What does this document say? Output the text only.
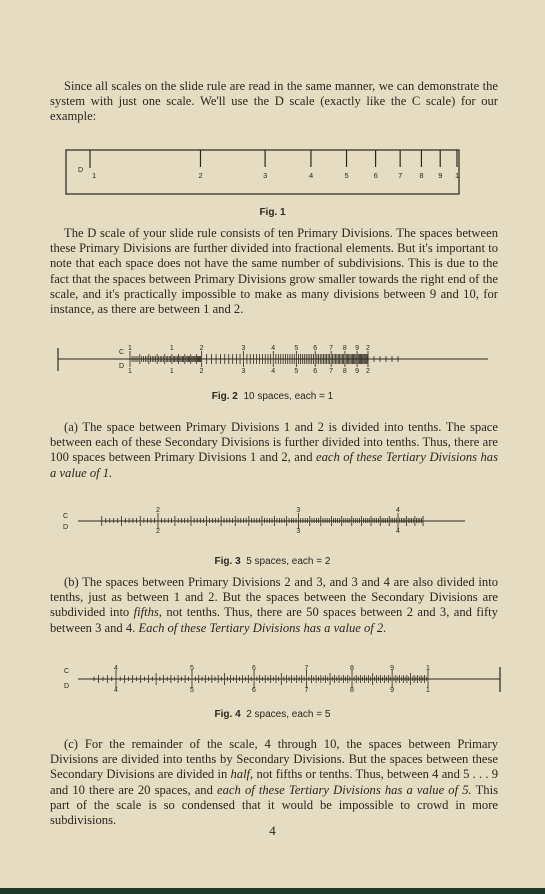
Since all scales on the slide rule are read in the same manner, we can demonstrate the system with just one scale. We'll use the D scale (exactly like the C scale) for our example:

1	2	3	4	5	6	7 8 9 1
D
Fig. 1

The D scale of your slide rule consists of ten Primary Divisions. The spaces between these Primary Divisions are further divided into fractional elements. But it's important to note that each space does not have the same number of subdivisions. This is due to the fact that the spaces between Primary Divisions grow smaller towards the right end of the scale, and it's practically impossible to make as many divisions between 9 and 10, for instance, as there are between 1 and 2.

C
D
1
1
1
1
2
2
3
3
4
4
5
5
6
6
7
7
8
8
9
9
2
2
Fig. 2 10 spaces, each = 1

(a) The space between Primary Divisions 1 and 2 is divided into tenths. The space between each of these Secondary Divisions is further divided into tenths. Thus, there are 100 spaces between Primary Divisions 1 and 2, and each of these Tertiary Divisions has a value of 1.

C
D
2
2
3
3
4
4
Fig. 3 5 spaces, each = 2

(b) The spaces between Primary Divisions 2 and 3, and 3 and 4 are also divided into tenths, just as between 1 and 2. But the spaces between the Secondary Divisions are subdivided into fifths, not tenths. Thus, there are 50 spaces between 2 and 3, and fifty between 3 and 4. Each of these Tertiary Divisions has a value of 2.

C
D
4
4
5
5
6
6
7
7
8
8
9
9
1
1
Fig. 4 2 spaces, each = 5

(c) For the remainder of the scale, 4 through 10, the spaces between Primary Divisions are divided into tenths by Secondary Divisions. But the spaces between these Secondary Divisions are divided in half, not fifths or tenths. Thus, between 4 and 5 . . . 9 and 10 there are 20 spaces, and each of these Tertiary Divisions has a value of 5. This part of the scale is so condensed that it would be impossible to crowd in more subdivisions.

4
